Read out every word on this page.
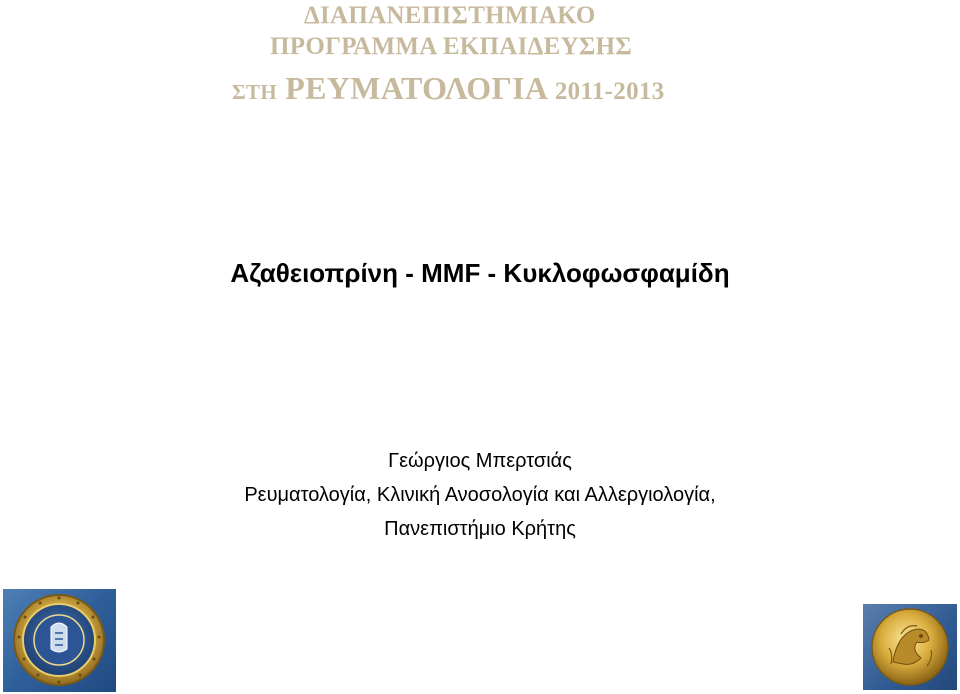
ΔΙΑΠΑΝΕΠΙΣΤΗΜΙΑΚΟ
ΠΡΟΓΡΑΜΜΑ ΕΚΠΑΙΔΕΥΣΗΣ
ΣΤΗ ΡΕΥΜΑΤΟΛΟΓΙΑ 2011-2013
Αζαθειοπρίνη - MMF - Κυκλοφωσφαμίδη
Γεώργιος Μπερτσιάς
Ρευματολογία, Κλινική Ανοσολογία και Αλλεργιολογία,
Πανεπιστήμιο Κρήτης
